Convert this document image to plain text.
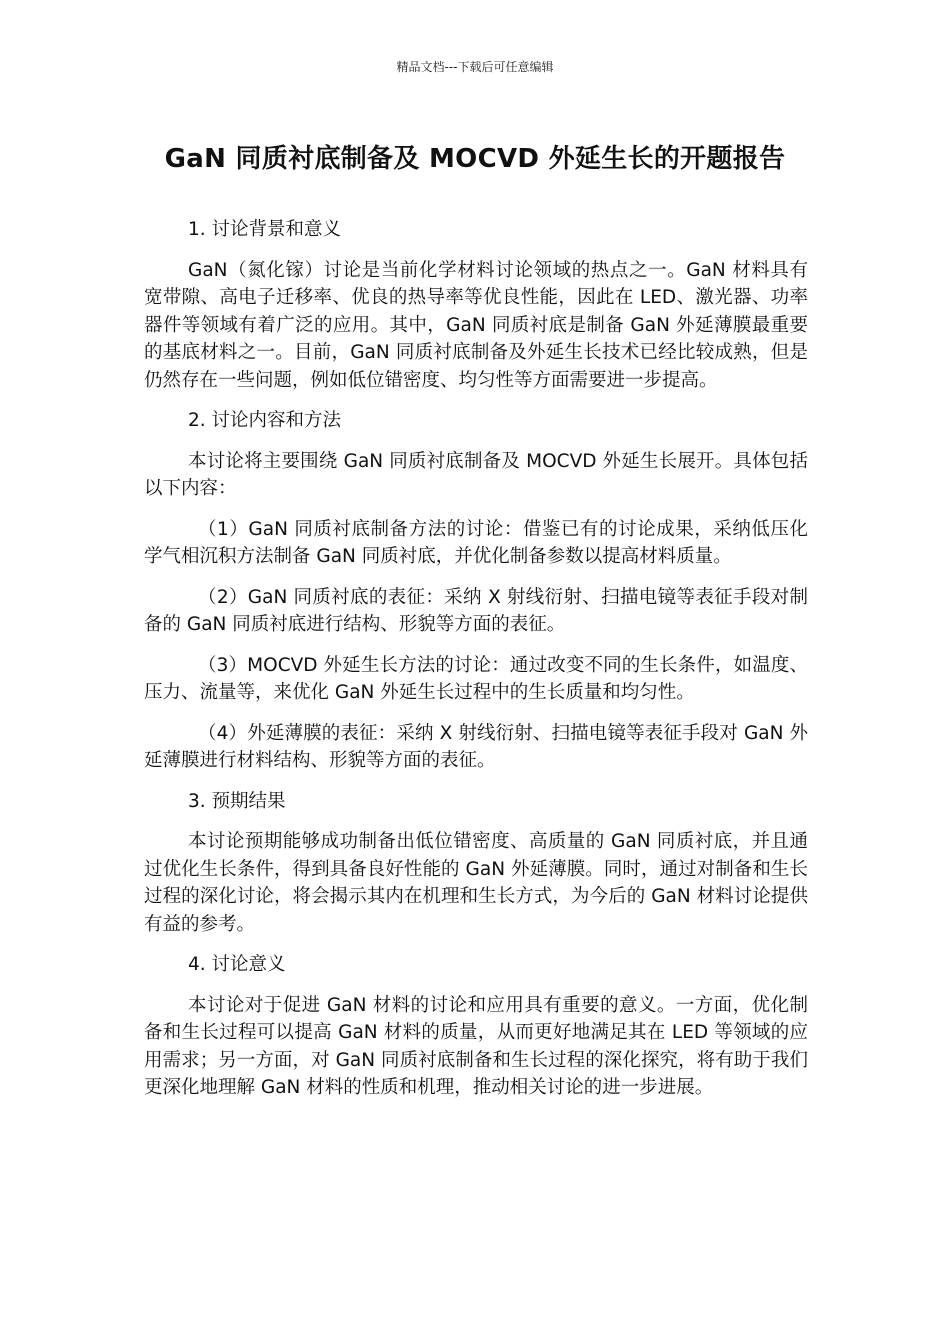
精品文档---下载后可任意编辑
GaN 同质衬底制备及 MOCVD 外延生长的开题报告

1. 讨论背景和意义

GaN（氮化镓）讨论是当前化学材料讨论领域的热点之一。GaN 材料具有宽带隙、高电子迁移率、优良的热导率等优良性能，因此在 LED、激光器、功率器件等领域有着广泛的应用。其中，GaN 同质衬底是制备 GaN 外延薄膜最重要的基底材料之一。目前，GaN 同质衬底制备及外延生长技术已经比较成熟，但是仍然存在一些问题，例如低位错密度、均匀性等方面需要进一步提高。

2. 讨论内容和方法

本讨论将主要围绕 GaN 同质衬底制备及 MOCVD 外延生长展开。具体包括以下内容：

（1）GaN 同质衬底制备方法的讨论：借鉴已有的讨论成果，采纳低压化学气相沉积方法制备 GaN 同质衬底，并优化制备参数以提高材料质量。

（2）GaN 同质衬底的表征：采纳 X 射线衍射、扫描电镜等表征手段对制备的 GaN 同质衬底进行结构、形貌等方面的表征。

（3）MOCVD 外延生长方法的讨论：通过改变不同的生长条件，如温度、压力、流量等，来优化 GaN 外延生长过程中的生长质量和均匀性。

（4）外延薄膜的表征：采纳 X 射线衍射、扫描电镜等表征手段对 GaN 外延薄膜进行材料结构、形貌等方面的表征。

3. 预期结果

本讨论预期能够成功制备出低位错密度、高质量的 GaN 同质衬底，并且通过优化生长条件，得到具备良好性能的 GaN 外延薄膜。同时，通过对制备和生长过程的深化讨论，将会揭示其内在机理和生长方式，为今后的 GaN 材料讨论提供有益的参考。

4. 讨论意义

本讨论对于促进 GaN 材料的讨论和应用具有重要的意义。一方面，优化制备和生长过程可以提高 GaN 材料的质量，从而更好地满足其在 LED 等领域的应用需求；另一方面，对 GaN 同质衬底制备和生长过程的深化探究，将有助于我们更深化地理解 GaN 材料的性质和机理，推动相关讨论的进一步进展。
